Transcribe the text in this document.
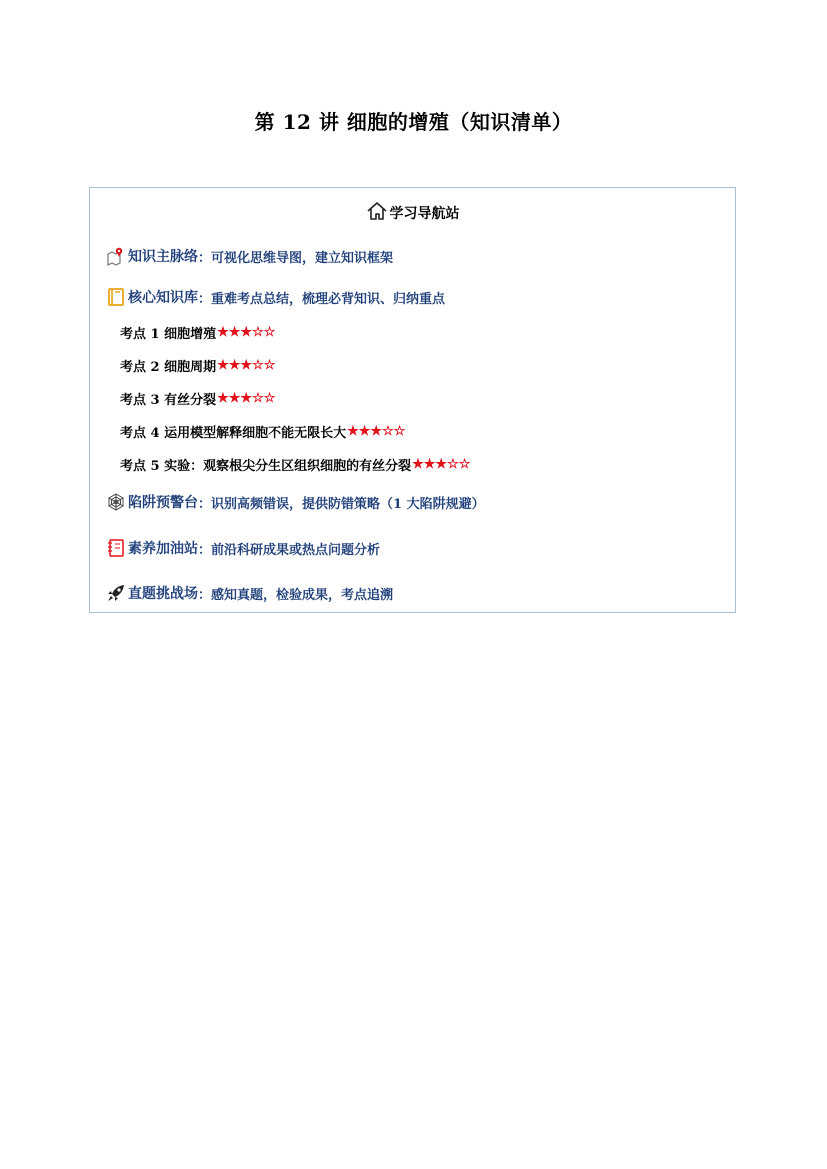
第 12 讲 细胞的增殖（知识清单）
学习导航站
知识主脉络 ：可视化思维导图，建立知识框架
核心知识库 ：重难考点总结，梳理必背知识、归纳重点
考点 1 细胞增殖 ★★★☆☆
考点 2 细胞周期 ★★★☆☆
考点 3 有丝分裂 ★★★☆☆
考点 4 运用模型解释细胞不能无限长大 ★★★☆☆
考点 5 实验：观察根尖分生区组织细胞的有丝分裂 ★★★☆☆
陷阱预警台 ：识别高频错误，提供防错策略（1 大陷阱规避）
素养加油站 ：前沿科研成果或热点问题分析
直题挑战场 ：感知真题，检验成果，考点追溯
